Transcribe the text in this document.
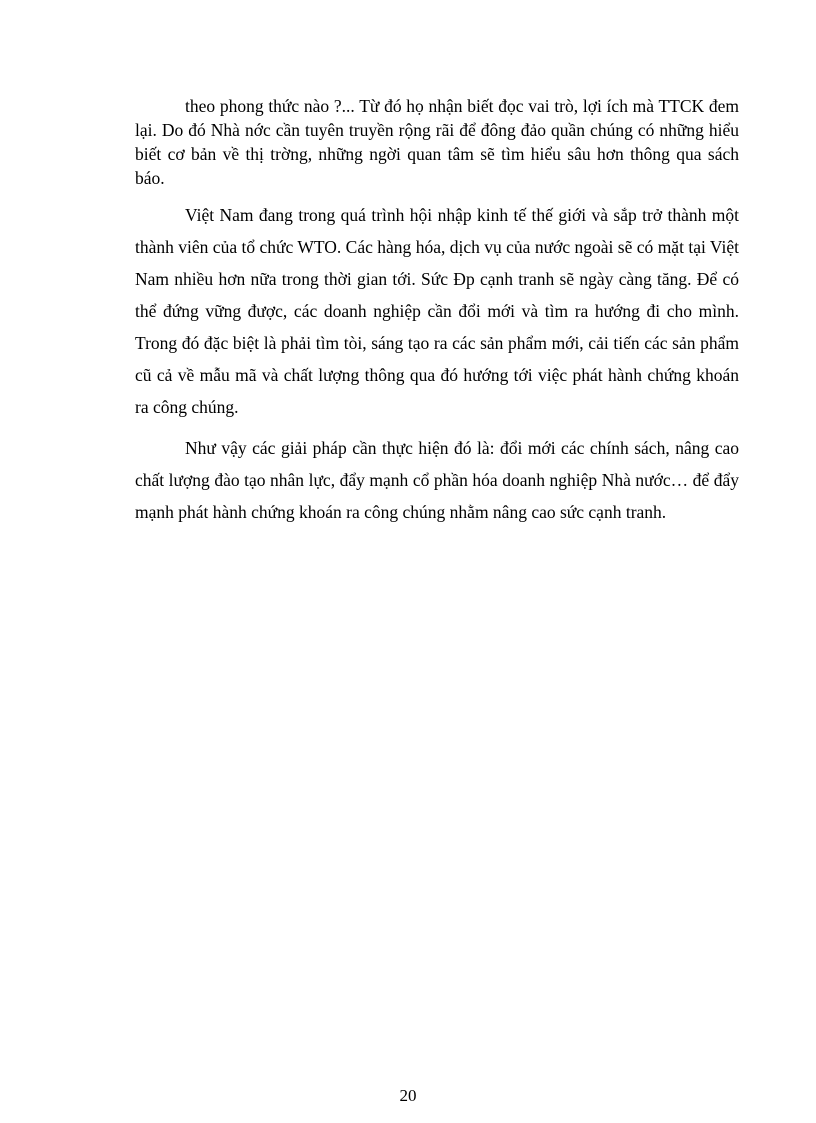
theo phong thức nào ?... Từ đó họ nhận biết đọc vai trò, lợi ích mà TTCK đem lại. Do đó Nhà nớc cần tuyên truyền rộng rãi để đông đảo quần chúng có những hiểu biết cơ bản về thị trờng, những ngời quan tâm sẽ tìm hiểu sâu hơn thông qua sách báo.

Việt Nam đang trong quá trình hội nhập kinh tế thế giới và sắp trở thành một thành viên của tổ chức WTO. Các hàng hóa, dịch vụ của nước ngoài sẽ có mặt tại Việt Nam nhiều hơn nữa trong thời gian tới. Sức Đp cạnh tranh sẽ ngày càng tăng. Để có thể đứng vững được, các doanh nghiệp cần đổi mới và tìm ra hướng đi cho mình. Trong đó đặc biệt là phải tìm tòi, sáng tạo ra các sản phẩm mới, cải tiến các sản phẩm cũ cả về mẫu mã và chất lượng thông qua đó hướng tới việc phát hành chứng khoán ra công chúng.

Như vậy các giải pháp cần thực hiện đó là: đổi mới các chính sách, nâng cao chất lượng đào tạo nhân lực, đẩy mạnh cổ phần hóa doanh nghiệp Nhà nước… để đẩy mạnh phát hành chứng khoán ra công chúng nhằm nâng cao sức cạnh tranh.

20
